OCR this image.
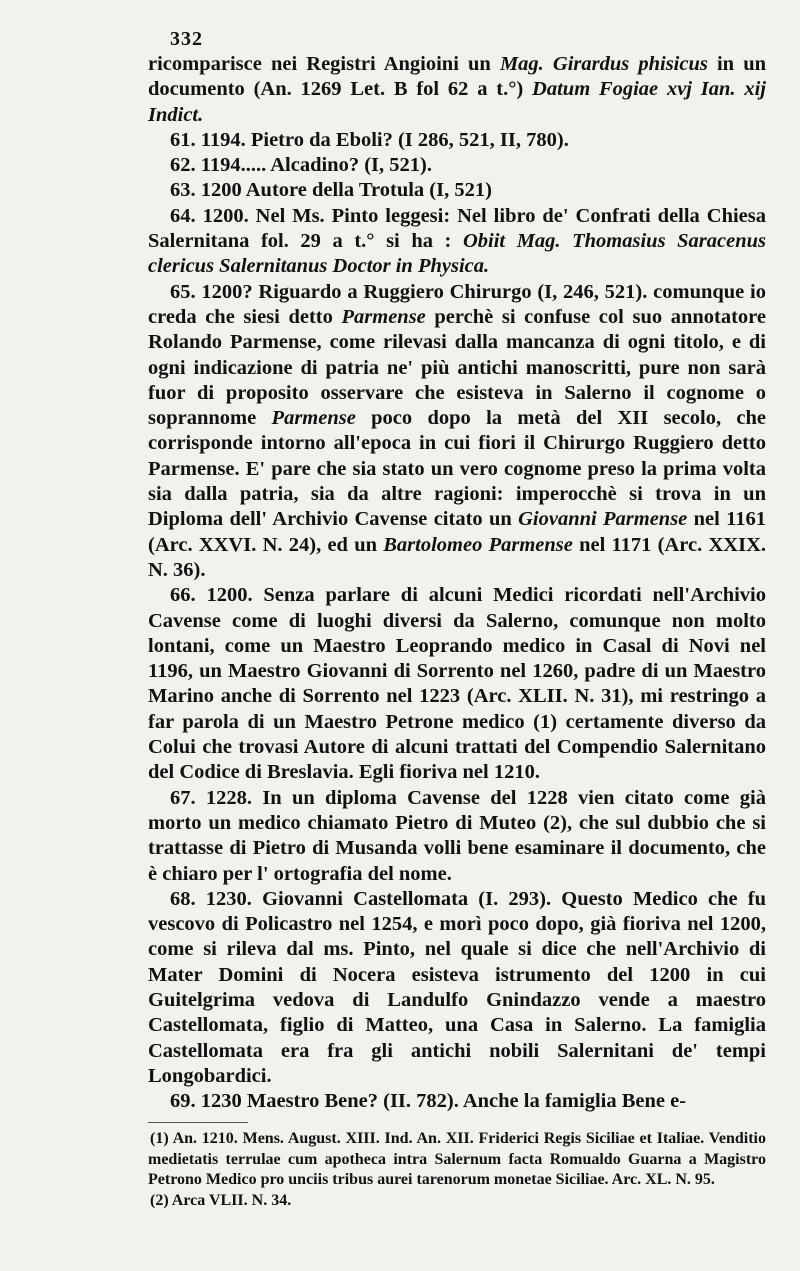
332

ricomparisce nei Registri Angioini un Mag. Girardus phisicus in un documento (An. 1269 Let. B fol 62 a t.°) Datum Fogiae xvj Ian. xij Indict.

61. 1194. Pietro da Eboli? (I 286, 521, II, 780).

62. 1194..... Alcadino? (I, 521).

63. 1200 Autore della Trotula (I, 521)

64. 1200. Nel Ms. Pinto leggesi: Nel libro de' Confrati della Chiesa Salernitana fol. 29 a t.° si ha : Obiit Mag. Thomasius Saracenus clericus Salernitanus Doctor in Physica.

65. 1200? Riguardo a Ruggiero Chirurgo (I, 246, 521). comunque io creda che siesi detto Parmense perchè si confuse col suo annotatore Rolando Parmense, come rilevasi dalla mancanza di ogni titolo, e di ogni indicazione di patria ne' più antichi manoscritti, pure non sarà fuor di proposito osservare che esisteva in Salerno il cognome o soprannome Parmense poco dopo la metà del XII secolo, che corrisponde intorno all'epoca in cui fiori il Chirurgo Ruggiero detto Parmense. E' pare che sia stato un vero cognome preso la prima volta sia dalla patria, sia da altre ragioni: imperocchè si trova in un Diploma dell' Archivio Cavense citato un Giovanni Parmense nel 1161 (Arc. XXVI. N. 24), ed un Bartolomeo Parmense nel 1171 (Arc. XXIX. N. 36).

66. 1200. Senza parlare di alcuni Medici ricordati nell'Archivio Cavense come di luoghi diversi da Salerno, comunque non molto lontani, come un Maestro Leoprando medico in Casal di Novi nel 1196, un Maestro Giovanni di Sorrento nel 1260, padre di un Maestro Marino anche di Sorrento nel 1223 (Arc. XLII. N. 31), mi restringo a far parola di un Maestro Petrone medico (1) certamente diverso da Colui che trovasi Autore di alcuni trattati del Compendio Salernitano del Codice di Breslavia. Egli fioriva nel 1210.

67. 1228. In un diploma Cavense del 1228 vien citato come già morto un medico chiamato Pietro di Muteo (2), che sul dubbio che si trattasse di Pietro di Musanda volli bene esaminare il documento, che è chiaro per l' ortografia del nome.

68. 1230. Giovanni Castellomata (I. 293). Questo Medico che fu vescovo di Policastro nel 1254, e morì poco dopo, già fioriva nel 1200, come si rileva dal ms. Pinto, nel quale si dice che nell'Archivio di Mater Domini di Nocera esisteva istrumento del 1200 in cui Guitelgrima vedova di Landulfo Gnindazzo vende a maestro Castellomata, figlio di Matteo, una Casa in Salerno. La famiglia Castellomata era fra gli antichi nobili Salernitani de' tempi Longobardici.

69. 1230 Maestro Bene? (II. 782). Anche la famiglia Bene e-

(1) An. 1210. Mens. August. XIII. Ind. An. XII. Friderici Regis Siciliae et Italiae. Venditio medietatis terrulae cum apotheca intra Salernum facta Romualdo Guarna a Magistro Petrono Medico pro unciis tribus aurei tarenorum monetae Siciliae. Arc. XL. N. 95.

(2) Arca VLII. N. 34.
